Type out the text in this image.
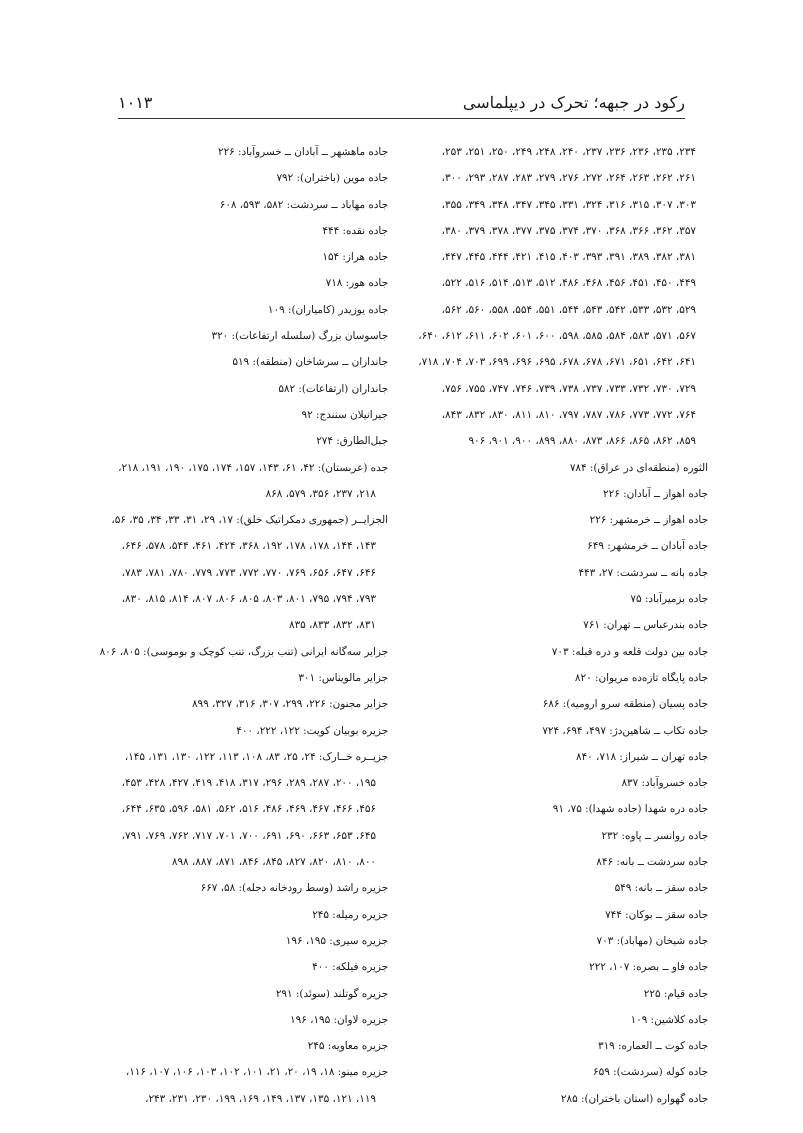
رکود در جبهه؛ تحرک در دیپلماسی
۱۰۱۳
۲۳۴، ۲۳۵، ۲۳۶، ۲۳۶، ۲۳۷، ۲۴۰، ۲۴۸، ۲۴۹، ۲۵۰، ۲۵۱، ۲۵۳،
۲۶۱، ۲۶۲، ۲۶۳، ۲۶۴، ۲۷۲، ۲۷۶، ۲۷۹، ۲۸۳، ۲۸۷، ۲۹۳، ۳۰۰،
۳۰۳، ۳۰۷، ۳۱۵، ۳۱۶، ۳۲۴، ۳۳۱، ۳۴۵، ۳۴۷، ۳۴۸، ۳۴۹، ۳۵۵،
۳۵۷، ۳۶۲، ۳۶۶، ۳۶۸، ۳۷۰، ۳۷۴، ۳۷۵، ۳۷۷، ۳۷۸، ۳۷۹، ۳۸۰،
۳۸۱، ۳۸۲، ۳۸۹، ۳۹۱، ۳۹۳، ۴۰۳، ۴۱۵، ۴۲۱، ۴۴۴، ۴۴۵، ۴۴۷،
۴۴۹، ۴۵۰، ۴۵۱، ۴۵۶، ۴۶۸، ۴۸۶، ۵۱۲، ۵۱۳، ۵۱۴، ۵۱۶، ۵۲۲،
۵۲۹، ۵۳۲، ۵۳۳، ۵۴۲، ۵۴۳، ۵۴۴، ۵۵۱، ۵۵۴، ۵۵۸، ۵۶۰، ۵۶۲،
۵۶۷، ۵۷۱، ۵۸۳، ۵۸۴، ۵۸۵، ۵۹۸، ۶۰۰، ۶۰۱، ۶۰۲، ۶۱۱، ۶۱۲، ۶۴۰،
۶۴۱، ۶۴۲، ۶۵۱، ۶۷۱، ۶۷۸، ۶۷۸، ۶۹۵، ۶۹۶، ۶۹۹، ۷۰۳، ۷۰۴، ۷۱۸،
۷۲۹، ۷۳۰، ۷۳۲، ۷۳۳، ۷۳۷، ۷۳۸، ۷۳۹، ۷۴۶، ۷۴۷، ۷۵۵، ۷۵۶،
۷۶۴، ۷۷۲، ۷۷۳، ۷۸۶، ۷۸۷، ۷۹۷، ۸۱۰، ۸۱۱، ۸۳۰، ۸۳۲، ۸۴۳،
۸۵۹، ۸۶۲، ۸۶۵، ۸۶۶، ۸۷۳، ۸۸۰، ۸۹۹، ۹۰۰، ۹۰۱، ۹۰۶
الثوره (منطقه‌ای در عراق): ۷۸۴
جاده اهواز ــ آبادان: ۲۲۶
جاده اهواز ــ خرمشهر: ۲۲۶
جاده آبادان ــ خرمشهر: ۶۴۹
جاده بانه ــ سردشت: ۲۷، ۴۴۳
جاده بزمیرآباد: ۷۵
جاده بندرعباس ــ تهران: ۷۶۱
جاده بین دولت قلعه و دره قبله: ۷۰۳
جاده پایگاه تازه‌ده مریوان: ۸۲۰
جاده پسیان (منطقه سرو ارومیه): ۶۸۶
جاده تکاب ــ شاهین‌دژ: ۴۹۷، ۶۹۴، ۷۲۴
جاده تهران ــ شیراز: ۷۱۸، ۸۴۰
جاده خسروآباد: ۸۳۷
جاده دره شهدا (جاده شهدا): ۷۵، ۹۱
جاده روانسر ــ پاوه: ۲۳۲
جاده سردشت ــ بانه: ۸۴۶
جاده سقز ــ بانه: ۵۴۹
جاده سقز ــ بوکان: ۷۴۴
جاده شیخان (مهاباد): ۷۰۳
جاده فاو ــ بصره: ۱۰۷، ۲۲۲
جاده قیام: ۲۲۵
جاده کلاشین: ۱۰۹
جاده کوت ــ العماره: ۳۱۹
جاده کوله (سردشت): ۶۵۹
جاده گهواره (استان باختران): ۲۸۵
جاده ماهشهر ــ آبادان ــ خسروآباد: ۲۲۶
جاده موین (باختران): ۷۹۲
جاده مهاباد ــ سردشت: ۵۸۲، ۵۹۳، ۶۰۸
جاده نقده: ۴۴۴
جاده هراز: ۱۵۴
جاده هور: ۷۱۸
جاده یوزیدر (کامیاران): ۱۰۹
جاسوسان بزرگ (سلسله ارتفاعات): ۳۲۰
جانداران ــ سرشاخان (منطقه): ۵۱۹
جانداران (ارتفاعات): ۵۸۲
جیرانیلان سنندج: ۹۲
جبل‌الطارق: ۲۷۴
جده (عربستان): ۴۲، ۶۱، ۱۴۳، ۱۵۷، ۱۷۴، ۱۷۵، ۱۹۰، ۱۹۱، ۲۱۸،
۲۱۸، ۲۳۷، ۳۵۶، ۵۷۹، ۸۶۸
الجزایــر (جمهوری دمکراتیک خلق): ۱۷، ۲۹، ۳۱، ۳۳، ۳۴، ۳۵، ۵۶،
۱۴۳، ۱۴۴، ۱۷۸، ۱۷۸، ۱۹۲، ۳۶۸، ۴۲۴، ۴۶۱، ۵۴۴، ۵۷۸، ۶۴۶،
۶۴۶، ۶۴۷، ۶۵۶، ۷۶۹، ۷۷۰، ۷۷۲، ۷۷۳، ۷۷۹، ۷۸۰، ۷۸۱، ۷۸۳،
۷۹۳، ۷۹۴، ۷۹۵، ۸۰۱، ۸۰۳، ۸۰۵، ۸۰۶، ۸۰۷، ۸۱۴، ۸۱۵، ۸۳۰،
۸۳۱، ۸۳۲، ۸۳۳، ۸۳۵
جزایر سه‌گانه ایرانی (تنب بزرگ، تنب کوچک و بوموسی): ۸۰۵، ۸۰۶
جزایر مالویناس: ۳۰۱
جزایر مجنون: ۲۲۶، ۲۹۹، ۳۰۷، ۳۱۶، ۳۲۷، ۸۹۹
جزیره بوبیان کویت: ۱۲۲، ۲۲۲، ۴۰۰
جزیــره خــارک: ۲۴، ۲۵، ۸۳، ۱۰۸، ۱۱۳، ۱۲۲، ۱۳۰، ۱۳۱، ۱۴۵،
۱۹۵، ۲۰۰، ۲۸۷، ۲۸۹، ۲۹۶، ۳۱۷، ۴۱۸، ۴۱۹، ۴۲۷، ۴۲۸، ۴۵۳،
۴۵۶، ۴۶۶، ۴۶۷، ۴۶۹، ۴۸۶، ۵۱۶، ۵۶۲، ۵۸۱، ۵۹۶، ۶۳۵، ۶۴۴،
۶۴۵، ۶۵۳، ۶۶۳، ۶۹۰، ۶۹۱، ۷۰۰، ۷۰۱، ۷۱۷، ۷۶۲، ۷۶۹، ۷۹۱،
۸۰۰، ۸۱۰، ۸۲۰، ۸۲۷، ۸۴۵، ۸۴۶، ۸۷۱، ۸۸۷، ۸۹۸
جزیره راشد (وسط رودخانه دجله): ۵۸، ۶۶۷
جزیره رمیله: ۲۴۵
جزیره سیری: ۱۹۵، ۱۹۶
جزیره فیلکه: ۴۰۰
جزیره گوتلند (سوئد): ۲۹۱
جزیره لاوان: ۱۹۵، ۱۹۶
جزیره معاویه: ۲۴۵
جزیره مینو: ۱۸، ۱۹، ۲۰، ۲۱، ۱۰۱، ۱۰۲، ۱۰۳، ۱۰۶، ۱۰۷، ۱۱۶،
۱۱۹، ۱۲۱، ۱۳۵، ۱۳۷، ۱۴۹، ۱۶۹، ۱۹۹، ۲۳۰، ۲۳۱، ۲۴۳،
